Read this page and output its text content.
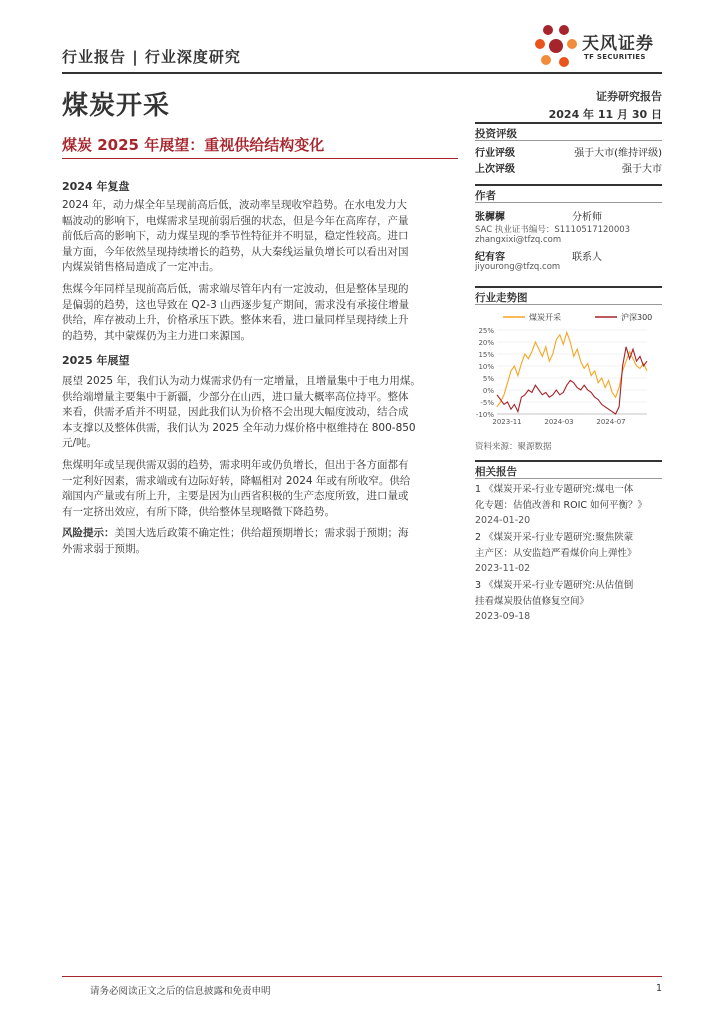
行业报告 | 行业深度研究
天风证券
TF SECURITIES
煤炭开采	证券研究报告
2024 年 11 月 30 日
煤炭 2025 年展望：重视供给结构变化
2024 年复盘
2024 年，动力煤全年呈现前高后低，波动率呈现收窄趋势。在水电发力大
幅波动的影响下，电煤需求呈现前弱后强的状态，但是今年在高库存，产量
前低后高的影响下，动力煤呈现的季节性特征并不明显，稳定性较高。进口
量方面，今年依然呈现持续增长的趋势，从大秦线运量负增长可以看出对国
内煤炭销售格局造成了一定冲击。
焦煤今年同样呈现前高后低，需求端尽管年内有一定波动，但是整体呈现的
是偏弱的趋势，这也导致在 Q2-3 山西逐步复产期间，需求没有承接住增量
供给，库存被动上升，价格承压下跌。整体来看，进口量同样呈现持续上升
的趋势，其中蒙煤仍为主力进口来源国。
2025 年展望
展望 2025 年，我们认为动力煤需求仍有一定增量，且增量集中于电力用煤。
供给端增量主要集中于新疆，少部分在山西，进口量大概率高位持平。整体
来看，供需矛盾并不明显，因此我们认为价格不会出现大幅度波动，结合成
本支撑以及整体供需，我们认为 2025 全年动力煤价格中枢维持在 800-850
元/吨。
焦煤明年或呈现供需双弱的趋势，需求明年或仍负增长，但出于各方面都有
一定利好因素，需求端或有边际好转，降幅相对 2024 年或有所收窄。供给
端国内产量或有所上升，主要是因为山西省积极的生产态度所致，进口量或
有一定挤出效应，有所下降，供给整体呈现略微下降趋势。
风险提示：美国大选后政策不确定性；供给超预期增长；需求弱于预期；海
外需求弱于预期。
投资评级
行业评级	强于大市(维持评级)
上次评级	强于大市
作者
张樨樨	分析师
SAC 执业证书编号：S1110517120003
zhangxixi@tfzq.com
纪有容	联系人
jiyourong@tfzq.com
行业走势图
煤炭开采	沪深300
25%
20%
15%
10%
5%
0%
-5%
-10%
2023-11	2024-03	2024-07
资料来源：聚源数据
相关报告
1 《煤炭开采-行业专题研究:煤电一体
化专题：估值改善和 ROIC 如何平衡？》
2024-01-20
2 《煤炭开采-行业专题研究:聚焦陕蒙
主产区：从安监趋严看煤价向上弹性》
2023-11-02
3 《煤炭开采-行业专题研究:从估值倒
挂看煤炭股估值修复空间》
2023-09-18
请务必阅读正文之后的信息披露和免责申明	1
